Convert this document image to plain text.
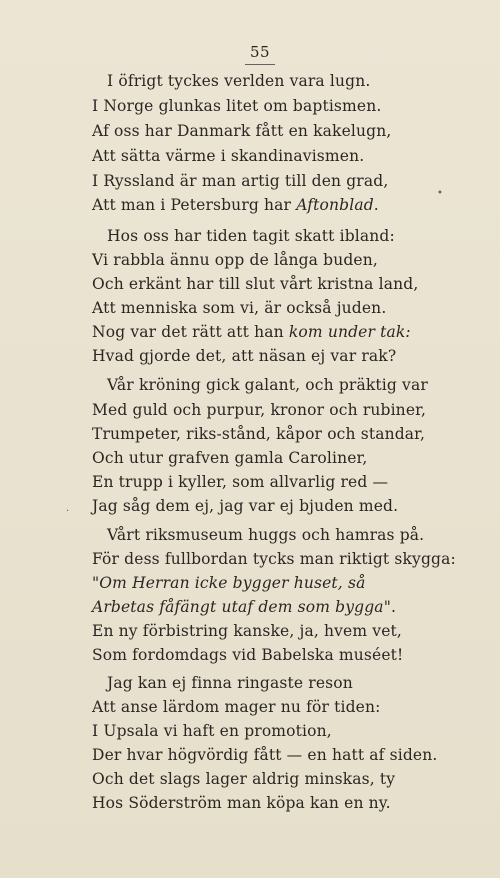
55
I öfrigt tyckes verlden vara lugn.
I Norge glunkas litet om baptismen.
Af oss har Danmark fått en kakelugn,
Att sätta värme i skandinavismen.
I Ryssland är man artig till den grad,
Att man i Petersburg har Aftonblad.
Hos oss har tiden tagit skatt ibland:
Vi rabbla ännu opp de långa buden,
Och erkänt har till slut vårt kristna land,
Att menniska som vi, är också juden.
Nog var det rätt att han kom under tak:
Hvad gjorde det, att näsan ej var rak?
Vår kröning gick galant, och präktig var
Med guld och purpur, kronor och rubiner,
Trumpeter, riks-stånd, kåpor och standar,
Och utur grafven gamla Caroliner,
En trupp i kyller, som allvarlig red —
Jag såg dem ej, jag var ej bjuden med.
Vårt riksmuseum huggs och hamras på.
För dess fullbordan tycks man riktigt skygga:
"Om Herran icke bygger huset, så
Arbetas fåfängt utaf dem som bygga".
En ny förbistring kanske, ja, hvem vet,
Som fordomdags vid Babelska muséet!
Jag kan ej finna ringaste reson
Att anse lärdom mager nu för tiden:
I Upsala vi haft en promotion,
Der hvar högvördig fått — en hatt af siden.
Och det slags lager aldrig minskas, ty
Hos Söderström man köpa kan en ny.
•
·
